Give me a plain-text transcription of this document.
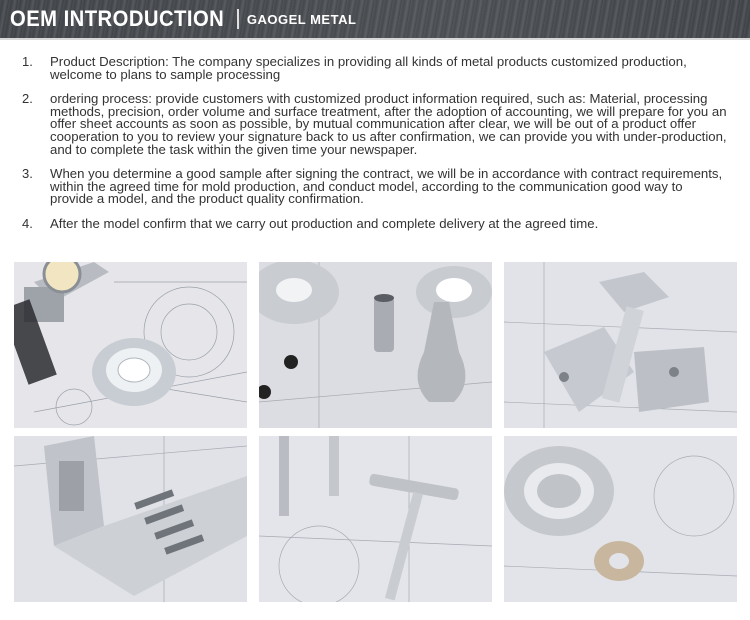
OEM INTRODUCTION GAOGEL METAL
1.	Product Description: The company specializes in providing all kinds of metal products customized production, welcome to plans to sample processing
2.	ordering process: provide customers with customized product information required, such as: Material, processing methods, precision, order volume and surface treatment, after the adoption of accounting, we will prepare for you an offer sheet accounts as soon as possible, by mutual communication after clear, we will be out of a product offer cooperation to you to review your signature back to us after confirmation, we can provide you with under-production, and to complete the task within the given time your newspaper.
3.	When you determine a good sample after signing the contract, we will be in accordance with contract requirements, within the agreed time for mold production, and conduct model, according to the communication good way to provide a model, and the product quality confirmation.
4.	After the model confirm that we carry out production and complete delivery at the agreed time.
